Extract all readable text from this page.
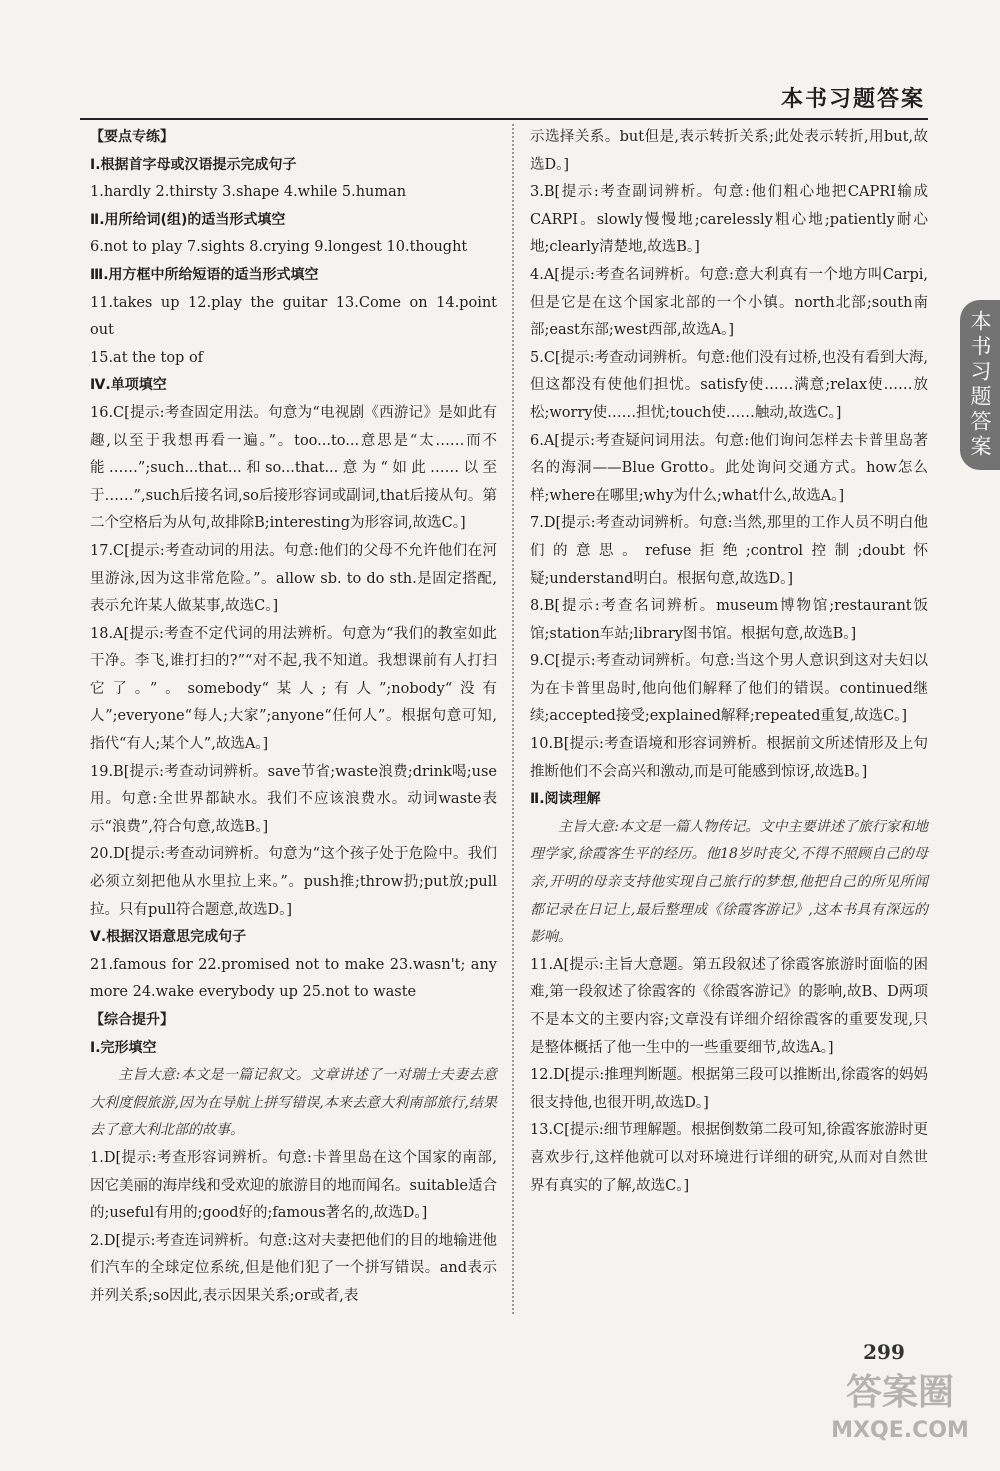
本书习题答案
本书习题答案

【要点专练】

Ⅰ.根据首字母或汉语提示完成句子

1.hardly 2.thirsty 3.shape 4.while 5.human

Ⅱ.用所给词(组)的适当形式填空

6.not to play 7.sights 8.crying 9.longest 10.thought

Ⅲ.用方框中所给短语的适当形式填空

11.takes up 12.play the guitar 13.Come on 14.point out

15.at the top of

Ⅳ.单项填空

16.C[提示:考查固定用法。句意为“电视剧《西游记》是如此有趣,以至于我想再看一遍。”。too...to...意思是“太……而不能……”;such...that...和so...that...意为“如此……以至于……”,such后接名词,so后接形容词或副词,that后接从句。第二个空格后为从句,故排除B;interesting为形容词,故选C。]

17.C[提示:考查动词的用法。句意:他们的父母不允许他们在河里游泳,因为这非常危险。”。allow sb. to do sth.是固定搭配,表示允许某人做某事,故选C。]

18.A[提示:考查不定代词的用法辨析。句意为“我们的教室如此干净。李飞,谁打扫的?”“对不起,我不知道。我想课前有人打扫它了。”。somebody“某人;有人”;nobody“没有人”;everyone“每人;大家”;anyone“任何人”。根据句意可知,指代“有人;某个人”,故选A。]

19.B[提示:考查动词辨析。save节省;waste浪费;drink喝;use用。句意:全世界都缺水。我们不应该浪费水。动词waste表示“浪费”,符合句意,故选B。]

20.D[提示:考查动词辨析。句意为“这个孩子处于危险中。我们必须立刻把他从水里拉上来。”。push推;throw扔;put放;pull拉。只有pull符合题意,故选D。]

Ⅴ.根据汉语意思完成句子

21.famous for 22.promised not to make 23.wasn't; any more 24.wake everybody up 25.not to waste

【综合提升】

Ⅰ.完形填空

主旨大意:本文是一篇记叙文。文章讲述了一对瑞士夫妻去意大利度假旅游,因为在导航上拼写错误,本来去意大利南部旅行,结果去了意大利北部的故事。

1.D[提示:考查形容词辨析。句意:卡普里岛在这个国家的南部,因它美丽的海岸线和受欢迎的旅游目的地而闻名。suitable适合的;useful有用的;good好的;famous著名的,故选D。]

2.D[提示:考查连词辨析。句意:这对夫妻把他们的目的地输进他们汽车的全球定位系统,但是他们犯了一个拼写错误。and表示并列关系;so因此,表示因果关系;or或者,表

示选择关系。but但是,表示转折关系;此处表示转折,用but,故选D。]

3.B[提示:考查副词辨析。句意:他们粗心地把CAPRI输成CARPI。slowly慢慢地;carelessly粗心地;patiently耐心地;clearly清楚地,故选B。]

4.A[提示:考查名词辨析。句意:意大利真有一个地方叫Carpi,但是它是在这个国家北部的一个小镇。north北部;south南部;east东部;west西部,故选A。]

5.C[提示:考查动词辨析。句意:他们没有过桥,也没有看到大海,但这都没有使他们担忧。satisfy使……满意;relax使……放松;worry使……担忧;touch使……触动,故选C。]

6.A[提示:考查疑问词用法。句意:他们询问怎样去卡普里岛著名的海洞——Blue Grotto。此处询问交通方式。how怎么样;where在哪里;why为什么;what什么,故选A。]

7.D[提示:考查动词辨析。句意:当然,那里的工作人员不明白他们的意思。refuse拒绝;control控制;doubt怀疑;understand明白。根据句意,故选D。]

8.B[提示:考查名词辨析。museum博物馆;restaurant饭馆;station车站;library图书馆。根据句意,故选B。]

9.C[提示:考查动词辨析。句意:当这个男人意识到这对夫妇以为在卡普里岛时,他向他们解释了他们的错误。continued继续;accepted接受;explained解释;repeated重复,故选C。]

10.B[提示:考查语境和形容词辨析。根据前文所述情形及上句推断他们不会高兴和激动,而是可能感到惊讶,故选B。]

Ⅱ.阅读理解

主旨大意:本文是一篇人物传记。文中主要讲述了旅行家和地理学家,徐霞客生平的经历。他18岁时丧父,不得不照顾自己的母亲,开明的母亲支持他实现自己旅行的梦想,他把自己的所见所闻都记录在日记上,最后整理成《徐霞客游记》,这本书具有深远的影响。

11.A[提示:主旨大意题。第五段叙述了徐霞客旅游时面临的困难,第一段叙述了徐霞客的《徐霞客游记》的影响,故B、D两项不是本文的主要内容;文章没有详细介绍徐霞客的重要发现,只是整体概括了他一生中的一些重要细节,故选A。]

12.D[提示:推理判断题。根据第三段可以推断出,徐霞客的妈妈很支持他,也很开明,故选D。]

13.C[提示:细节理解题。根据倒数第二段可知,徐霞客旅游时更喜欢步行,这样他就可以对环境进行详细的研究,从而对自然世界有真实的了解,故选C。]

299
答案圈
MXQE.COM
